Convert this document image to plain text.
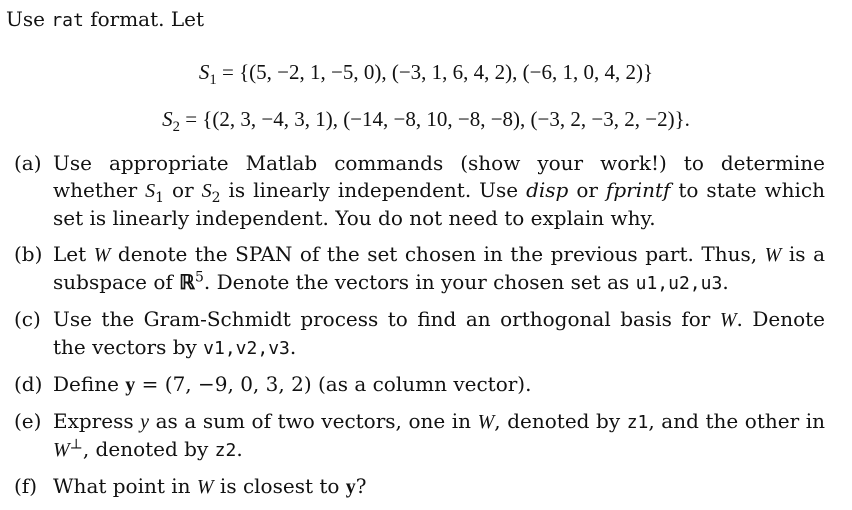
Use rat format. Let
$S_1 = \{(5$, −2, 1, −5, 0), (−3, 1, 6, 4, 2), (−6, 1, 0, 4, 2)}
$S_2 = \{(2$, 3, −4, 3, 1), (−14, −8, 10, −8, −8), (−3, 2, −3, 2, −2)}.
(a) Use appropriate Matlab commands (show your work!) to determine whether $S_1$ or $S_2$ is linearly independent. Use disp or fprintf to state which set is linearly independent. You do not need to explain why.
(b) Let W denote the SPAN of the set chosen in the previous part. Thus, W is a subspace of ℝ$^5$. Denote the vectors in your chosen set as u1,u2,u3.
(c) Use the Gram-Schmidt process to find an orthogonal basis for W. Denote the vectors by v1,v2,v3.
(d) Define y = (7, −9, 0, 3, 2) (as a column vector).
(e) Express y as a sum of two vectors, one in W, denoted by z1, and the other in W⊥, denoted by z2.
(f) What point in W is closest to y?
